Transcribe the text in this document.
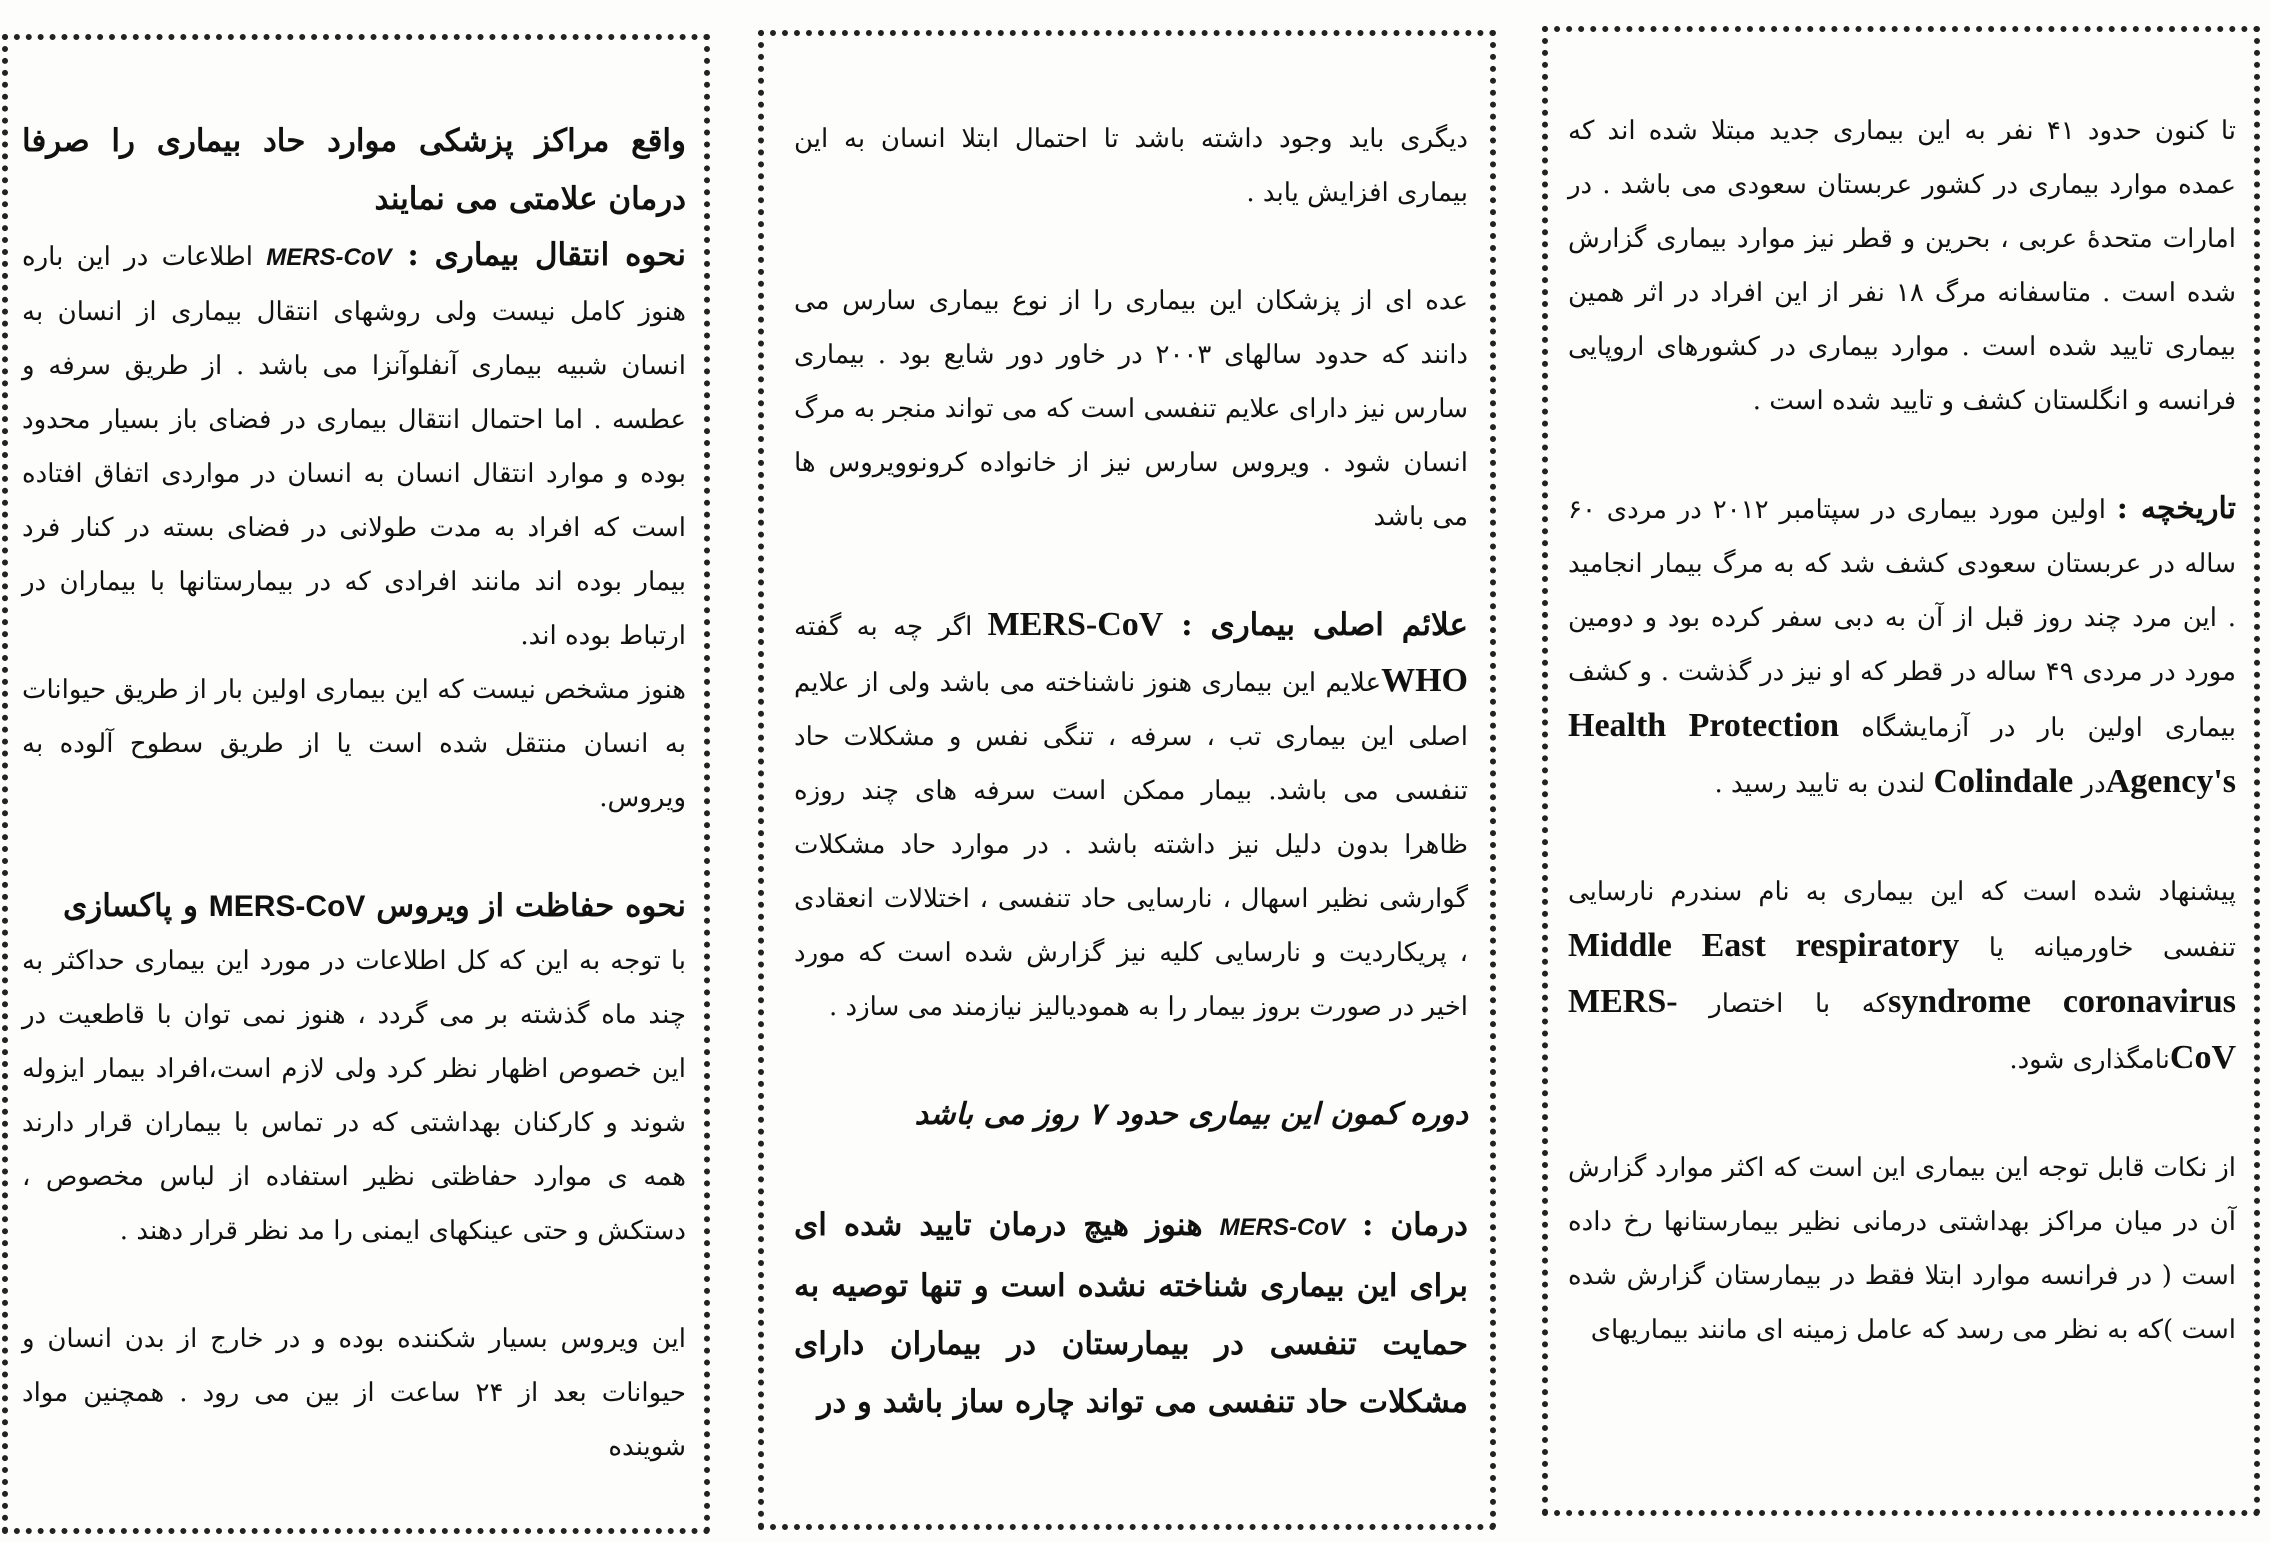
تا کنون حدود ۴۱ نفر به این بیماری جدید مبتلا شده اند که عمده موارد بیماری در کشور عربستان سعودی می باشد . در امارات متحدهٔ عربی ، بحرین و قطر نیز موارد بیماری گزارش شده است . متاسفانه مرگ ۱۸ نفر از این افراد در اثر همین بیماری تایید شده است . موارد بیماری در کشورهای اروپایی فرانسه و انگلستان کشف و تایید شده است .

تاریخچه : اولین مورد بیماری در سپتامبر ۲۰۱۲ در مردی ۶۰ ساله در عربستان سعودی کشف شد که به مرگ بیمار انجامید . این مرد چند روز قبل از آن به دبی سفر کرده بود و دومین مورد در مردی ۴۹ ساله در قطر که او نیز در گذشت . و کشف بیماری اولین بار در آزمایشگاه Health Protection Agency'sدر Colindale لندن به تایید رسید .

پیشنهاد شده است که این بیماری به نام سندرم نارسایی تنفسی خاورمیانه یا Middle East respiratory syndrome coronavirusکه با اختصار MERS-CoVنامگذاری شود.

از نکات قابل توجه این بیماری این است که اکثر موارد گزارش آن در میان مراکز بهداشتی درمانی نظیر بیمارستانها رخ داده است ( در فرانسه موارد ابتلا فقط در بیمارستان گزارش شده است )که به نظر می رسد که عامل زمینه ای مانند بیماریهای

دیگری باید وجود داشته باشد تا احتمال ابتلا انسان به این بیماری افزایش یابد .

عده ای از پزشکان این بیماری را از نوع بیماری سارس می دانند که حدود سالهای ۲۰۰۳ در خاور دور شایع بود . بیماری سارس نیز دارای علایم تنفسی است که می تواند منجر به مرگ انسان شود . ویروس سارس نیز از خانواده کرونوویروس ها می باشد

علائم اصلی بیماری : MERS-CoV اگر چه به گفته WHOعلایم این بیماری هنوز ناشناخته می باشد ولی از علایم اصلی این بیماری تب ، سرفه ، تنگی نفس و مشکلات حاد تنفسی می باشد. بیمار ممکن است سرفه های چند روزه ظاهرا بدون دلیل نیز داشته باشد . در موارد حاد مشکلات گوارشی نظیر اسهال ، نارسایی حاد تنفسی ، اختلالات انعقادی ، پریکاردیت و نارسایی کلیه نیز گزارش شده است که مورد اخیر در صورت بروز بیمار را به همودیالیز نیازمند می سازد .

دوره کمون این بیماری حدود ۷ روز می باشد

درمان : MERS-CoV هنوز هیچ درمان تایید شده ای برای این بیماری شناخته نشده است و تنها توصیه به حمایت تنفسی در بیمارستان در بیماران دارای مشکلات حاد تنفسی می تواند چاره ساز باشد و در

واقع مراکز پزشکی موارد حاد بیماری را صرفا درمان علامتی می نمایند

نحوه انتقال بیماری : MERS-CoV اطلاعات در این باره هنوز کامل نیست ولی روشهای انتقال بیماری از انسان به انسان شبیه بیماری آنفلوآنزا می باشد . از طریق سرفه و عطسه . اما احتمال انتقال بیماری در فضای باز بسیار محدود بوده و موارد انتقال انسان به انسان در مواردی اتفاق افتاده است که افراد به مدت طولانی در فضای بسته در کنار فرد بیمار بوده اند مانند افرادی که در بیمارستانها با بیماران در ارتباط بوده اند.

هنوز مشخص نیست که این بیماری اولین بار از طریق حیوانات به انسان منتقل شده است یا از طریق سطوح آلوده به ویروس.

نحوه حفاظت از ویروس MERS-CoV و پاکسازی

با توجه به این که کل اطلاعات در مورد این بیماری حداکثر به چند ماه گذشته بر می گردد ، هنوز نمی توان با قاطعیت در این خصوص اظهار نظر کرد ولی لازم است،افراد بیمار ایزوله شوند و کارکنان بهداشتی که در تماس با بیماران قرار دارند همه ی موارد حفاظتی نظیر استفاده از لباس مخصوص ، دستکش و حتی عینکهای ایمنی را مد نظر قرار دهند .

این ویروس بسیار شکننده بوده و در خارج از بدن انسان و حیوانات بعد از ۲۴ ساعت از بین می رود . همچنین مواد شوینده
